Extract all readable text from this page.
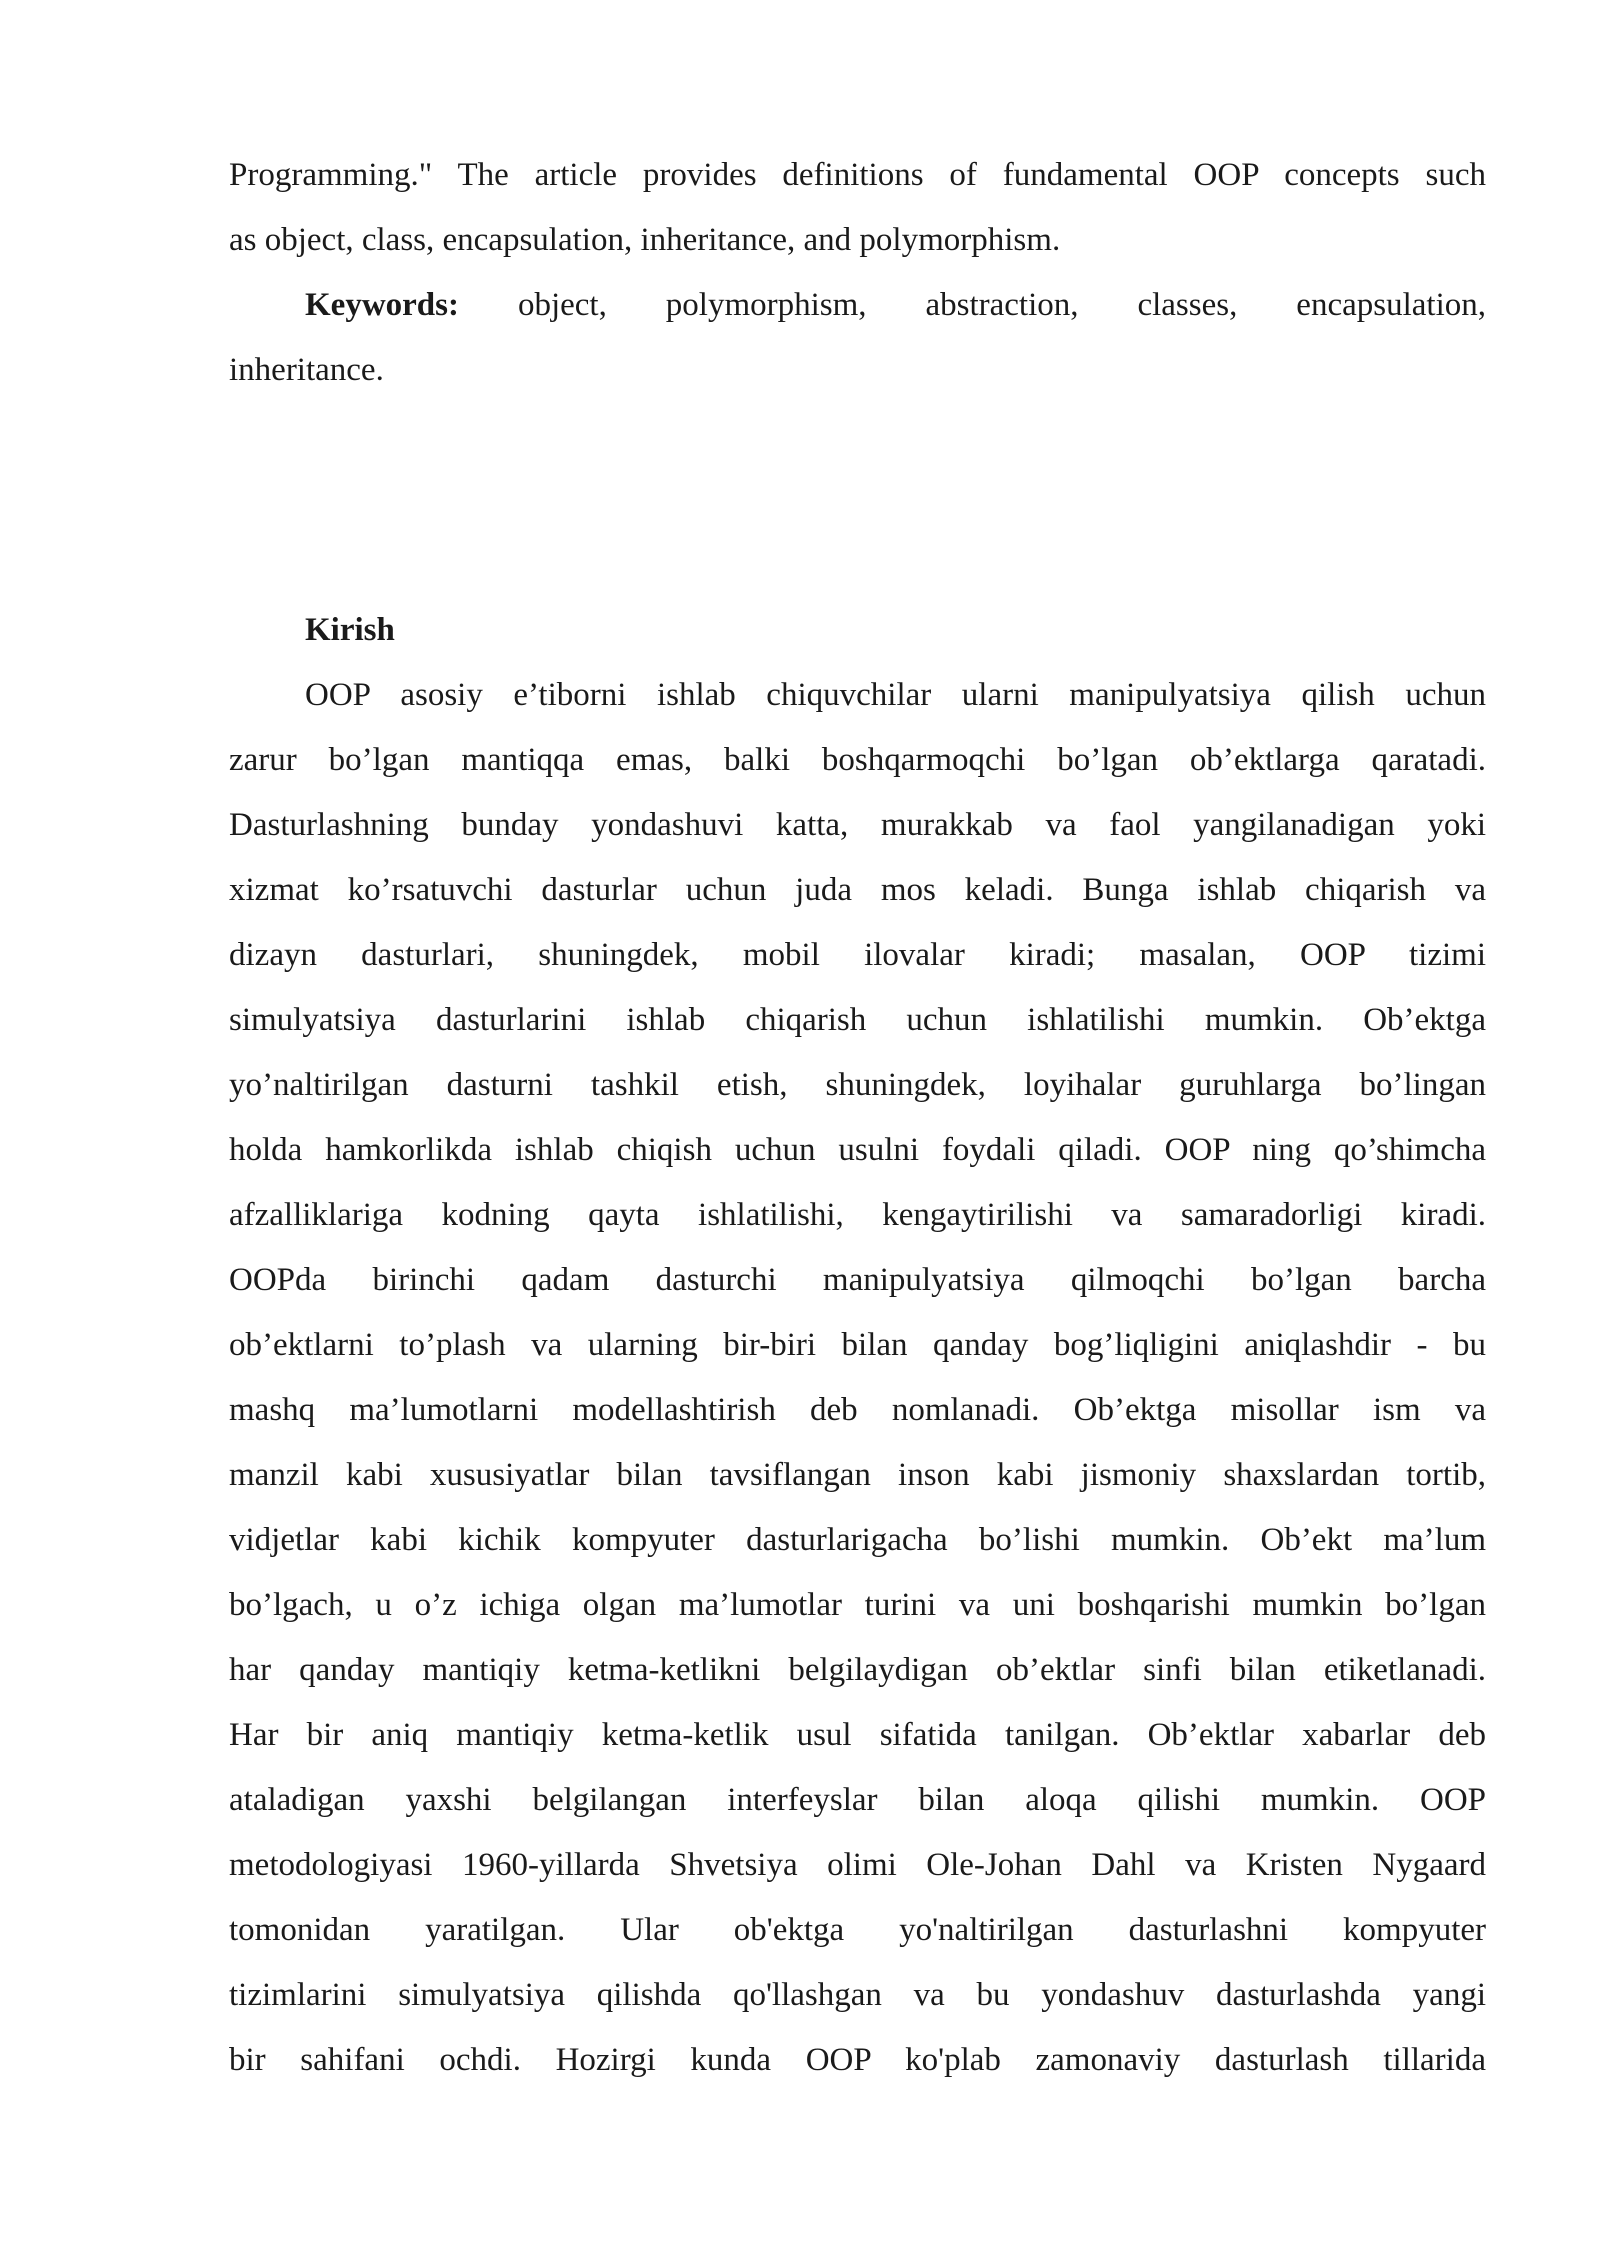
Programming." The article provides definitions of fundamental OOP concepts such
as object, class, encapsulation, inheritance, and polymorphism.
Keywords: object, polymorphism, abstraction, classes, encapsulation,
inheritance.
Kirish
OOP asosiy e’tiborni ishlab chiquvchilar ularni manipulyatsiya qilish uchun
zarur bo’lgan mantiqqa emas, balki boshqarmoqchi bo’lgan ob’ektlarga qaratadi.
Dasturlashning bunday yondashuvi katta, murakkab va faol yangilanadigan yoki
xizmat ko’rsatuvchi dasturlar uchun juda mos keladi. Bunga ishlab chiqarish va
dizayn dasturlari, shuningdek, mobil ilovalar kiradi; masalan, OOP tizimi
simulyatsiya dasturlarini ishlab chiqarish uchun ishlatilishi mumkin. Ob’ektga
yo’naltirilgan dasturni tashkil etish, shuningdek, loyihalar guruhlarga bo’lingan
holda hamkorlikda ishlab chiqish uchun usulni foydali qiladi. OOP ning qo’shimcha
afzalliklariga kodning qayta ishlatilishi, kengaytirilishi va samaradorligi kiradi.
OOPda birinchi qadam dasturchi manipulyatsiya qilmoqchi bo’lgan barcha
ob’ektlarni to’plash va ularning bir-biri bilan qanday bog’liqligini aniqlashdir - bu
mashq ma’lumotlarni modellashtirish deb nomlanadi. Ob’ektga misollar ism va
manzil kabi xususiyatlar bilan tavsiflangan inson kabi jismoniy shaxslardan tortib,
vidjetlar kabi kichik kompyuter dasturlarigacha bo’lishi mumkin. Ob’ekt ma’lum
bo’lgach, u o’z ichiga olgan ma’lumotlar turini va uni boshqarishi mumkin bo’lgan
har qanday mantiqiy ketma-ketlikni belgilaydigan ob’ektlar sinfi bilan etiketlanadi.
Har bir aniq mantiqiy ketma-ketlik usul sifatida tanilgan. Ob’ektlar xabarlar deb
ataladigan yaxshi belgilangan interfeyslar bilan aloqa qilishi mumkin. OOP
metodologiyasi 1960-yillarda Shvetsiya olimi Ole-Johan Dahl va Kristen Nygaard
tomonidan yaratilgan. Ular ob'ektga yo'naltirilgan dasturlashni kompyuter
tizimlarini simulyatsiya qilishda qo'llashgan va bu yondashuv dasturlashda yangi
bir sahifani ochdi. Hozirgi kunda OOP ko'plab zamonaviy dasturlash tillarida
